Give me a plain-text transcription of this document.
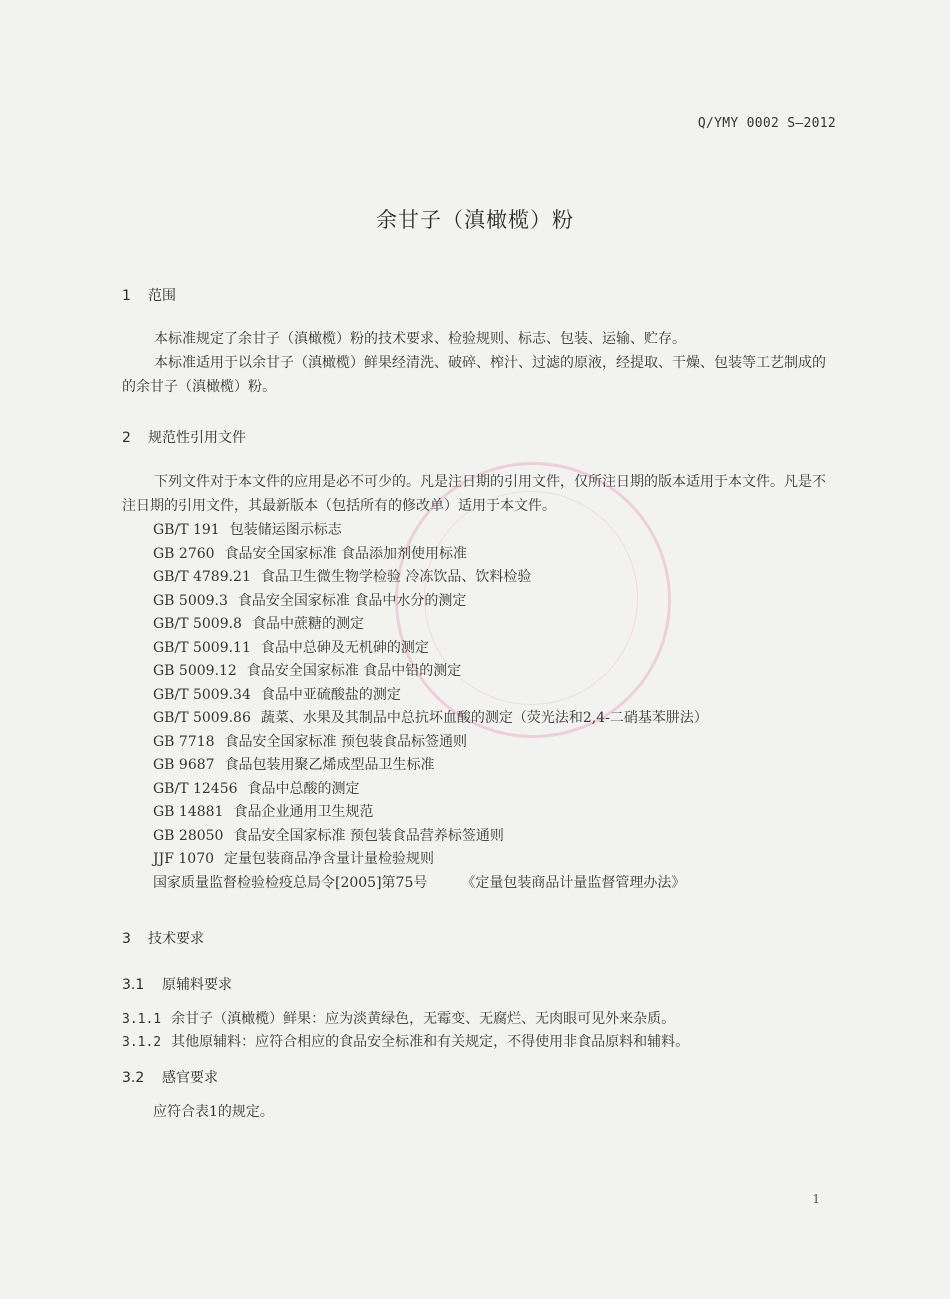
Q/YMY 0002 S—2012
余甘子（滇橄榄）粉
1 范围
本标准规定了余甘子（滇橄榄）粉的技术要求、检验规则、标志、包装、运输、贮存。
本标准适用于以余甘子（滇橄榄）鲜果经清洗、破碎、榨汁、过滤的原液，经提取、干燥、包装等工艺制成的的余甘子（滇橄榄）粉。
2 规范性引用文件
下列文件对于本文件的应用是必不可少的。凡是注日期的引用文件，仅所注日期的版本适用于本文件。凡是不注日期的引用文件，其最新版本（包括所有的修改单）适用于本文件。
GB/T 191 包装储运图示标志
GB 2760 食品安全国家标准 食品添加剂使用标准
GB/T 4789.21 食品卫生微生物学检验 冷冻饮品、饮料检验
GB 5009.3 食品安全国家标准 食品中水分的测定
GB/T 5009.8 食品中蔗糖的测定
GB/T 5009.11 食品中总砷及无机砷的测定
GB 5009.12 食品安全国家标准 食品中铅的测定
GB/T 5009.34 食品中亚硫酸盐的测定
GB/T 5009.86 蔬菜、水果及其制品中总抗坏血酸的测定（荧光法和2,4-二硝基苯肼法）
GB 7718 食品安全国家标准 预包装食品标签通则
GB 9687 食品包装用聚乙烯成型品卫生标准
GB/T 12456 食品中总酸的测定
GB 14881 食品企业通用卫生规范
GB 28050 食品安全国家标准 预包装食品营养标签通则
JJF 1070 定量包装商品净含量计量检验规则
国家质量监督检验检疫总局令[2005]第75号 《定量包装商品计量监督管理办法》
3 技术要求
3.1 原辅料要求
3.1.1 余甘子（滇橄榄）鲜果：应为淡黄绿色，无霉变、无腐烂、无肉眼可见外来杂质。
3.1.2 其他原辅料：应符合相应的食品安全标准和有关规定，不得使用非食品原料和辅料。
3.2 感官要求
应符合表1的规定。
1
